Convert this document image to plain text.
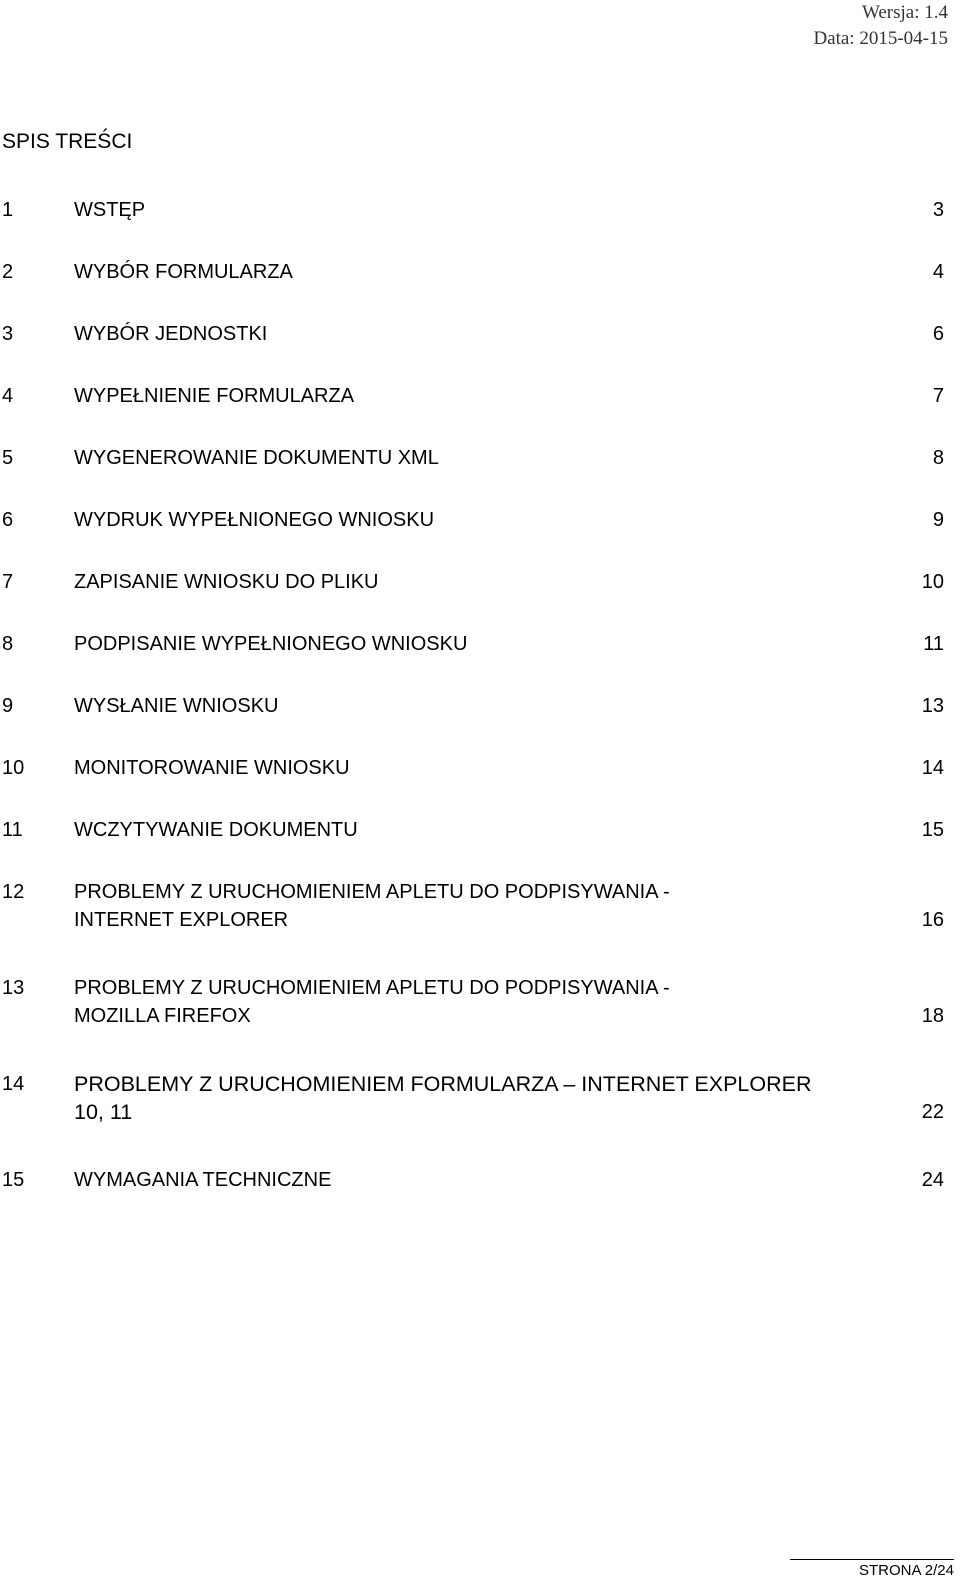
Wersja: 1.4
Data: 2015-04-15
SPIS TREŚCI
1	WSTĘP	3
2	WYBÓR FORMULARZA	4
3	WYBÓR JEDNOSTKI	6
4	WYPEŁNIENIE FORMULARZA	7
5	WYGENEROWANIE DOKUMENTU XML	8
6	WYDRUK WYPEŁNIONEGO WNIOSKU	9
7	ZAPISANIE WNIOSKU DO PLIKU	10
8	PODPISANIE WYPEŁNIONEGO WNIOSKU	11
9	WYSŁANIE WNIOSKU	13
10 MONITOROWANIE WNIOSKU	14
11	WCZYTYWANIE DOKUMENTU	15
12 PROBLEMY Z URUCHOMIENIEM APLETU DO PODPISYWANIA -
INTERNET EXPLORER	16
13 PROBLEMY Z URUCHOMIENIEM APLETU DO PODPISYWANIA -
MOZILLA FIREFOX	18
14 PROBLEMY Z URUCHOMIENIEM FORMULARZA – INTERNET EXPLORER
10, 11	22
15 WYMAGANIA TECHNICZNE	24
STRONA 2/24
